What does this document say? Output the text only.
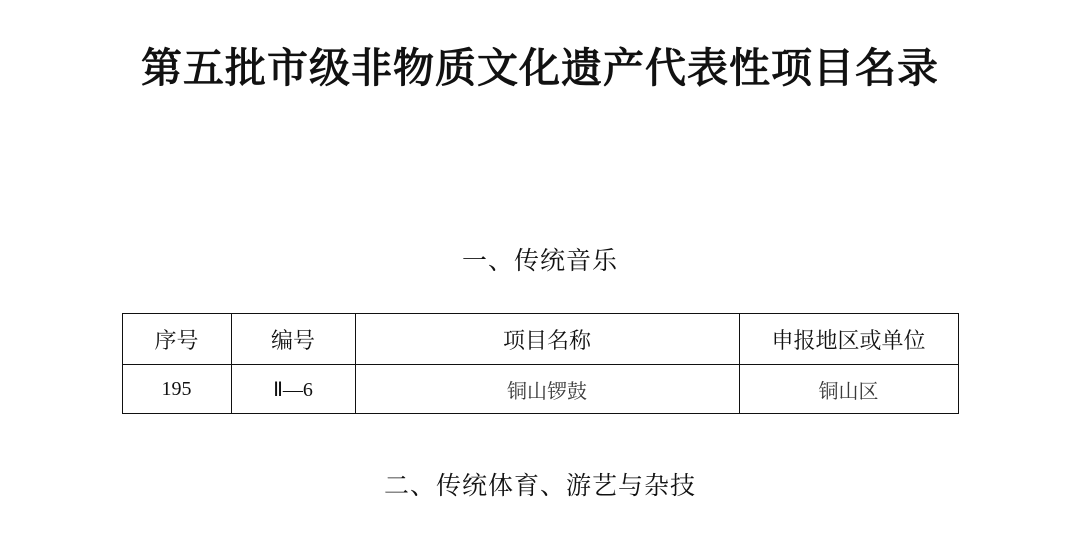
第五批市级非物质文化遗产代表性项目名录
一、传统音乐
序号	编号	项目名称	申报地区或单位
195	Ⅱ—6	铜山锣鼓	铜山区
二、传统体育、游艺与杂技
